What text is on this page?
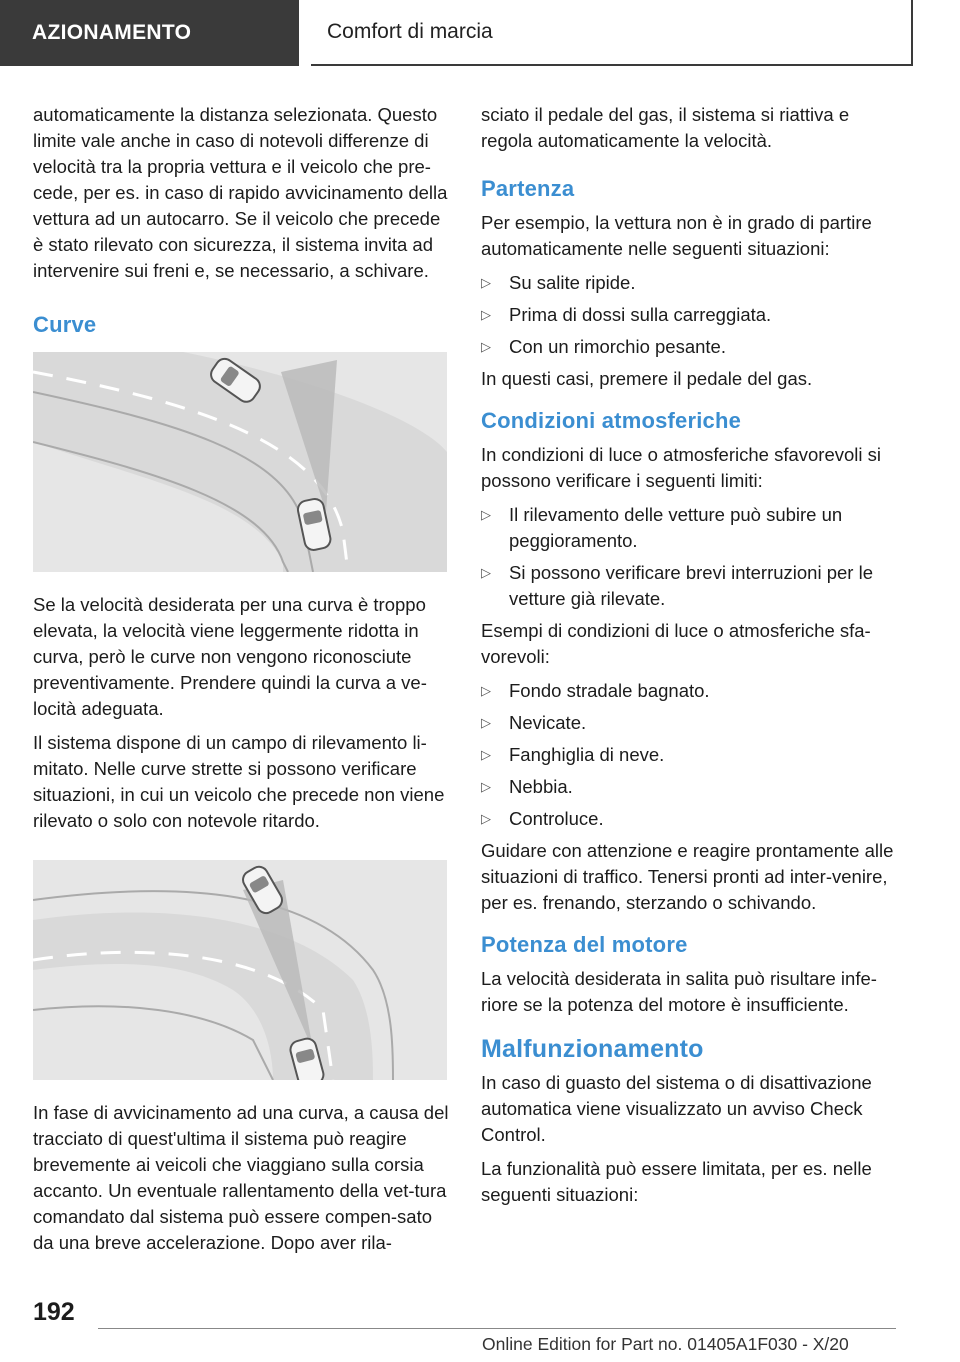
AZIONAMENTO	Comfort di marcia

automaticamente la distanza selezionata. Questo limite vale anche in caso di notevoli differenze di velocità tra la propria vettura e il veicolo che pre-cede, per es. in caso di rapido avvicinamento della vettura ad un autocarro. Se il veicolo che precede è stato rilevato con sicurezza, il sistema invita ad intervenire sui freni e, se necessario, a schivare.

Curve

Se la velocità desiderata per una curva è troppo elevata, la velocità viene leggermente ridotta in curva, però le curve non vengono riconosciute preventivamente. Prendere quindi la curva a ve-locità adeguata.

Il sistema dispone di un campo di rilevamento li-mitato. Nelle curve strette si possono verificare situazioni, in cui un veicolo che precede non viene rilevato o solo con notevole ritardo.

In fase di avvicinamento ad una curva, a causa del tracciato di quest'ultima il sistema può reagire brevemente ai veicoli che viaggiano sulla corsia accanto. Un eventuale rallentamento della vet-tura comandato dal sistema può essere compen-sato da una breve accelerazione. Dopo aver rila-

sciato il pedale del gas, il sistema si riattiva e regola automaticamente la velocità.

Partenza

Per esempio, la vettura non è in grado di partire automaticamente nelle seguenti situazioni:

▷ Su salite ripide.
▷ Prima di dossi sulla carreggiata.
▷ Con un rimorchio pesante.

In questi casi, premere il pedale del gas.

Condizioni atmosferiche

In condizioni di luce o atmosferiche sfavorevoli si possono verificare i seguenti limiti:

▷ Il rilevamento delle vetture può subire un peggioramento.
▷ Si possono verificare brevi interruzioni per le vetture già rilevate.

Esempi di condizioni di luce o atmosferiche sfa-vorevoli:

▷ Fondo stradale bagnato.
▷ Nevicate.
▷ Fanghiglia di neve.
▷ Nebbia.
▷ Controluce.

Guidare con attenzione e reagire prontamente alle situazioni di traffico. Tenersi pronti ad inter-venire, per es. frenando, sterzando o schivando.

Potenza del motore

La velocità desiderata in salita può risultare infe-riore se la potenza del motore è insufficiente.

Malfunzionamento

In caso di guasto del sistema o di disattivazione automatica viene visualizzato un avviso Check Control.

La funzionalità può essere limitata, per es. nelle seguenti situazioni:

192
Online Edition for Part no. 01405A1F030 - X/20
